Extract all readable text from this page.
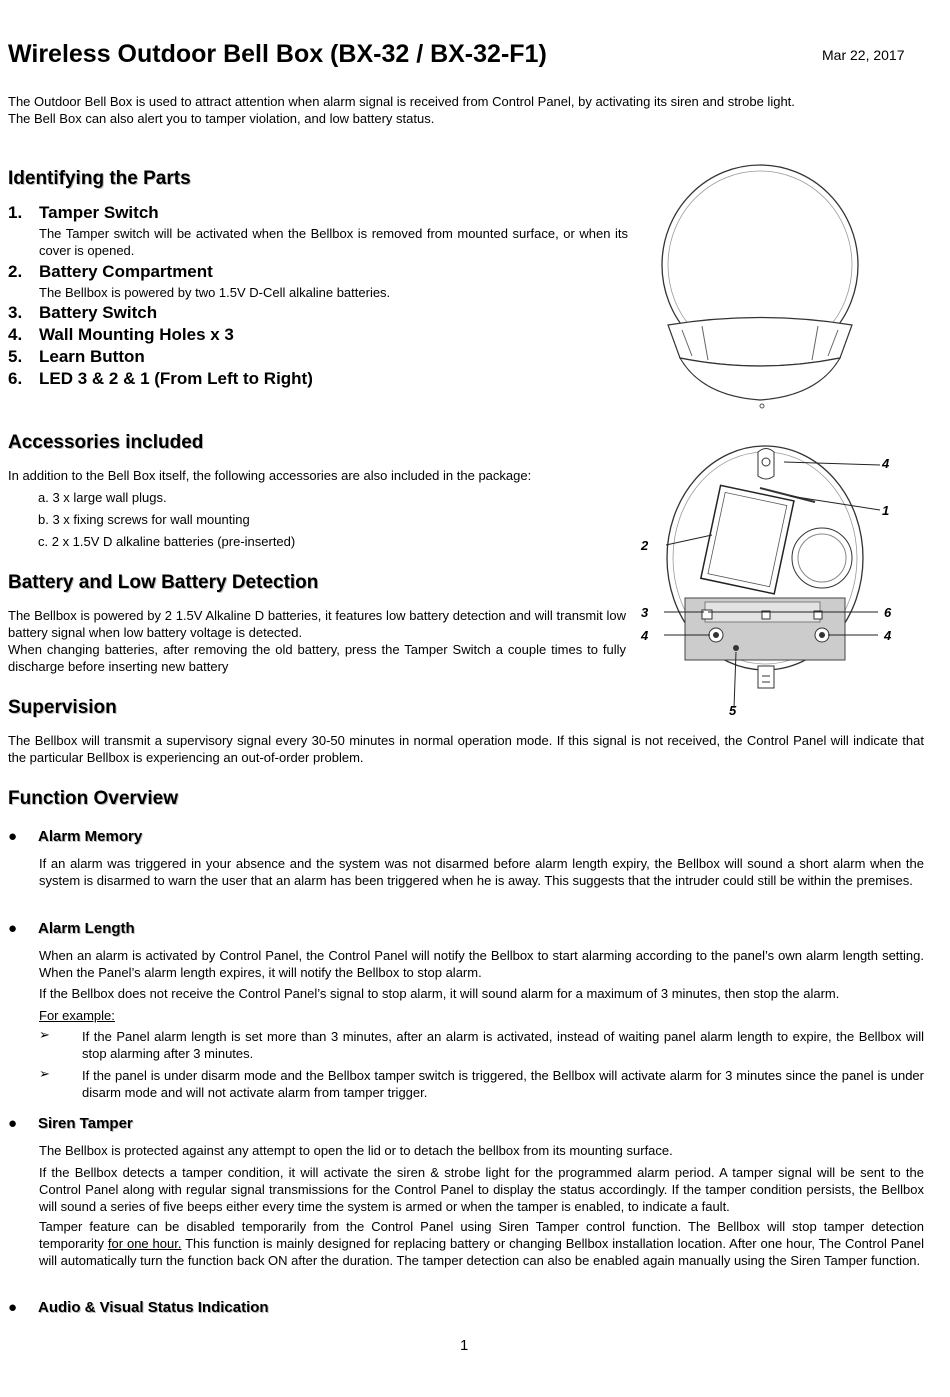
Wireless Outdoor Bell Box (BX-32 / BX-32-F1)	Mar 22, 2017
The Outdoor Bell Box is used to attract attention when alarm signal is received from Control Panel, by activating its siren and strobe light.
The Bell Box can also alert you to tamper violation, and low battery status.
Identifying the Parts
1. Tamper Switch
The Tamper switch will be activated when the Bellbox is removed from mounted surface, or when its cover is opened.
2. Battery Compartment
The Bellbox is powered by two 1.5V D-Cell alkaline batteries.
3. Battery Switch
4. Wall Mounting Holes x 3
5. Learn Button
6. LED 3 & 2 & 1 (From Left to Right)
4
1
2
3	6
4	4
5
Accessories included
In addition to the Bell Box itself, the following accessories are also included in the package:
a. 3 x large wall plugs.
b. 3 x fixing screws for wall mounting
c. 2 x 1.5V D alkaline batteries (pre-inserted)
Battery and Low Battery Detection
The Bellbox is powered by 2 1.5V Alkaline D batteries, it features low battery detection and will transmit low battery signal when low battery voltage is detected.
When changing batteries, after removing the old battery, press the Tamper Switch a couple times to fully discharge before inserting new battery
Supervision
The Bellbox will transmit a supervisory signal every 30-50 minutes in normal operation mode. If this signal is not received, the Control Panel will indicate that the particular Bellbox is experiencing an out-of-order problem.
Function Overview
● Alarm Memory
If an alarm was triggered in your absence and the system was not disarmed before alarm length expiry, the Bellbox will sound a short alarm when the system is disarmed to warn the user that an alarm has been triggered when he is away. This suggests that the intruder could still be within the premises.
● Alarm Length
When an alarm is activated by Control Panel, the Control Panel will notify the Bellbox to start alarming according to the panel’s own alarm length setting. When the Panel’s alarm length expires, it will notify the Bellbox to stop alarm.
If the Bellbox does not receive the Control Panel’s signal to stop alarm, it will sound alarm for a maximum of 3 minutes, then stop the alarm.
For example:
➢ If the Panel alarm length is set more than 3 minutes, after an alarm is activated, instead of waiting panel alarm length to expire, the Bellbox will stop alarming after 3 minutes.
➢ If the panel is under disarm mode and the Bellbox tamper switch is triggered, the Bellbox will activate alarm for 3 minutes since the panel is under disarm mode and will not activate alarm from tamper trigger.
● Siren Tamper
The Bellbox is protected against any attempt to open the lid or to detach the bellbox from its mounting surface.
If the Bellbox detects a tamper condition, it will activate the siren & strobe light for the programmed alarm period. A tamper signal will be sent to the Control Panel along with regular signal transmissions for the Control Panel to display the status accordingly. If the tamper condition persists, the Bellbox will sound a series of five beeps either every time the system is armed or when the tamper is enabled, to indicate a fault.
Tamper feature can be disabled temporarily from the Control Panel using Siren Tamper control function. The Bellbox will stop tamper detection temporarity for one hour. This function is mainly designed for replacing battery or changing Bellbox installation location. After one hour, The Control Panel will automatically turn the function back ON after the duration. The tamper detection can also be enabled again manually using the Siren Tamper function.
● Audio & Visual Status Indication
1
